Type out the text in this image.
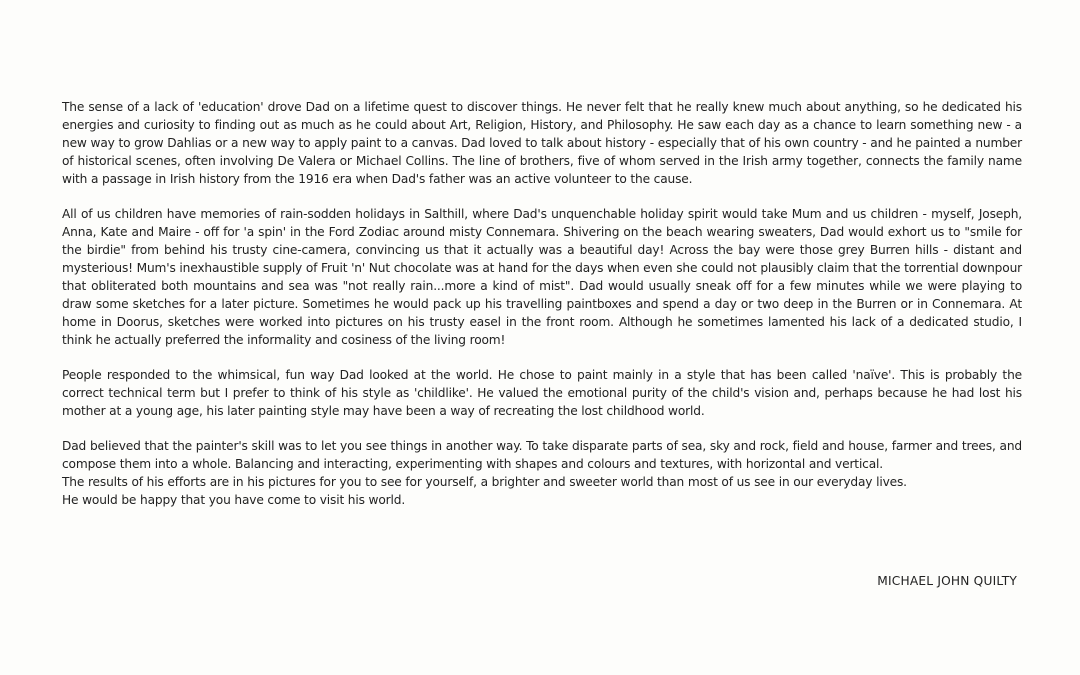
The sense of a lack of 'education' drove Dad on a lifetime quest to discover things. He never felt that he really knew much about anything, so he dedicated his energies and curiosity to finding out as much as he could about Art, Religion, History, and Philosophy. He saw each day as a chance to learn something new - a new way to grow Dahlias or a new way to apply paint to a canvas. Dad loved to talk about history - especially that of his own country - and he painted a number of historical scenes, often involving De Valera or Michael Collins. The line of brothers, five of whom served in the Irish army together, connects the family name with a passage in Irish history from the 1916 era when Dad's father was an active volunteer to the cause.

All of us children have memories of rain-sodden holidays in Salthill, where Dad's unquenchable holiday spirit would take Mum and us children - myself, Joseph, Anna, Kate and Maire - off for 'a spin' in the Ford Zodiac around misty Connemara. Shivering on the beach wearing sweaters, Dad would exhort us to "smile for the birdie" from behind his trusty cine-camera, convincing us that it actually was a beautiful day! Across the bay were those grey Burren hills - distant and mysterious! Mum's inexhaustible supply of Fruit 'n' Nut chocolate was at hand for the days when even she could not plausibly claim that the torrential downpour that obliterated both mountains and sea was "not really rain...more a kind of mist". Dad would usually sneak off for a few minutes while we were playing to draw some sketches for a later picture. Sometimes he would pack up his travelling paintboxes and spend a day or two deep in the Burren or in Connemara. At home in Doorus, sketches were worked into pictures on his trusty easel in the front room. Although he sometimes lamented his lack of a dedicated studio, I think he actually preferred the informality and cosiness of the living room!

People responded to the whimsical, fun way Dad looked at the world. He chose to paint mainly in a style that has been called 'naïve'. This is probably the correct technical term but I prefer to think of his style as 'childlike'. He valued the emotional purity of the child's vision and, perhaps because he had lost his mother at a young age, his later painting style may have been a way of recreating the lost childhood world.

Dad believed that the painter's skill was to let you see things in another way. To take disparate parts of sea, sky and rock, field and house, farmer and trees, and compose them into a whole. Balancing and interacting, experimenting with shapes and colours and textures, with horizontal and vertical.

The results of his efforts are in his pictures for you to see for yourself, a brighter and sweeter world than most of us see in our everyday lives.

He would be happy that you have come to visit his world.

MICHAEL JOHN QUILTY
